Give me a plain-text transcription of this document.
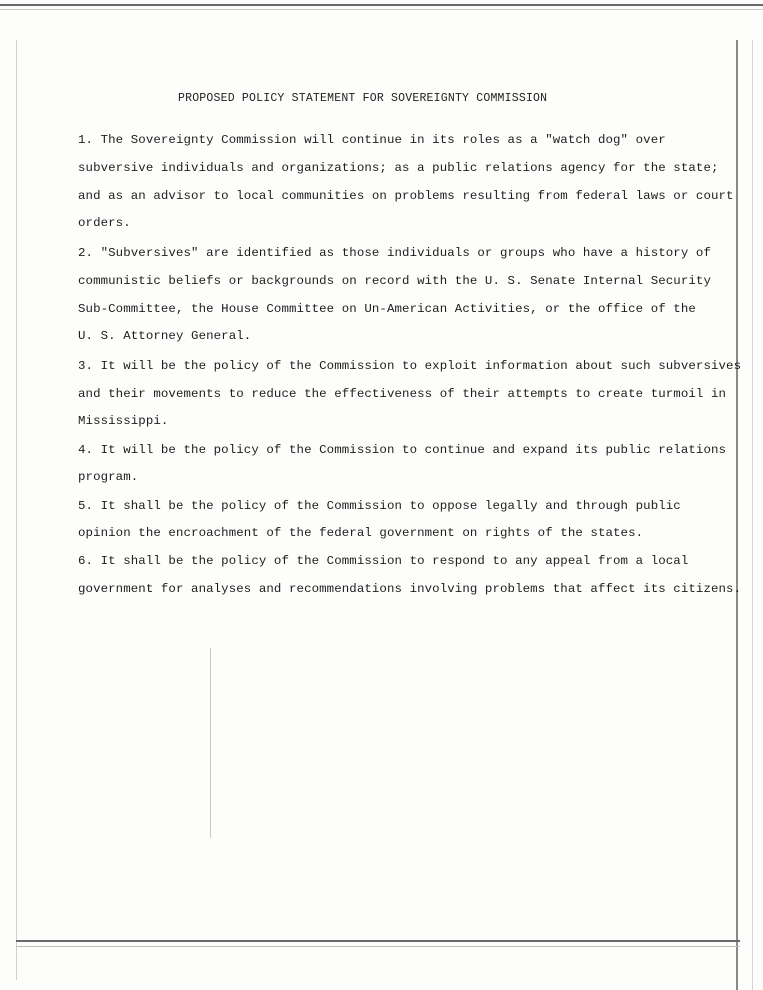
PROPOSED POLICY STATEMENT FOR SOVEREIGNTY COMMISSION
1. The Sovereignty Commission will continue in its roles as a "watch dog" over
subversive individuals and organizations; as a public relations agency for the state;
and as an advisor to local communities on problems resulting from federal laws or court
orders.
2. "Subversives" are identified as those individuals or groups who have a history of
communistic beliefs or backgrounds on record with the U. S. Senate Internal Security
Sub-Committee, the House Committee on Un-American Activities, or the office of the
U. S. Attorney General.
3. It will be the policy of the Commission to exploit information about such subversives
and their movements to reduce the effectiveness of their attempts to create turmoil in
Mississippi.
4. It will be the policy of the Commission to continue and expand its public relations
program.
5. It shall be the policy of the Commission to oppose legally and through public
opinion the encroachment of the federal government on rights of the states.
6. It shall be the policy of the Commission to respond to any appeal from a local
government for analyses and recommendations involving problems that affect its citizens.
